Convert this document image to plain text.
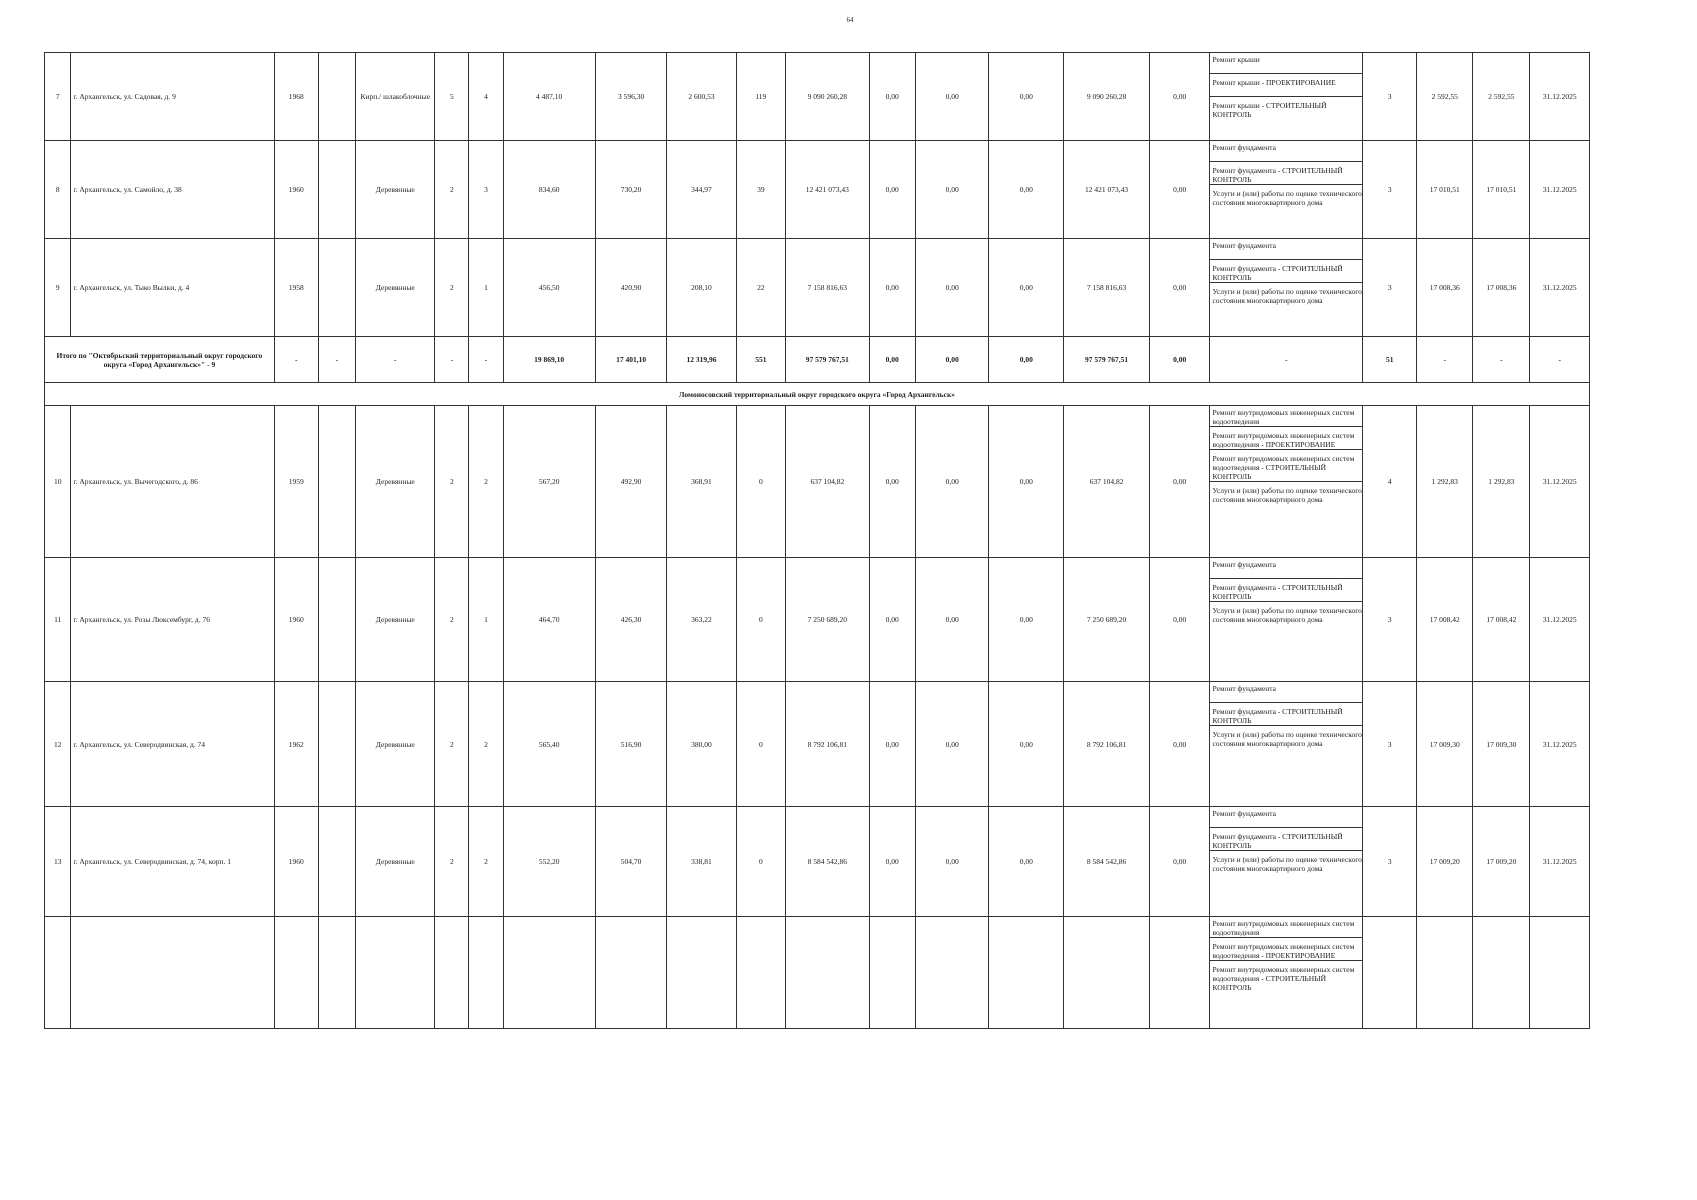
64
7	г. Архангельск, ул. Садовая, д. 9	1968		Кирп./ шлакоблочные	5	4	4 487,10	3 596,30	2 600,53	119	9 090 260,28	0,00	0,00	0,00	9 090 260,28	0,00	Ремонт крыши
Ремонт крыши - ПРОЕКТИРОВАНИЕ
Ремонт крыши - СТРОИТЕЛЬНЫЙ КОНТРОЛЬ	3	2 592,55	2 592,55	31.12.2025
8	г. Архангельск, ул. Самойло, д. 38	1960		Деревянные	2	3	834,60	730,20	344,97	39	12 421 073,43	0,00	0,00	0,00	12 421 073,43	0,00	Ремонт фундамента
Ремонт фундамента - СТРОИТЕЛЬНЫЙ КОНТРОЛЬ
Услуги и (или) работы по оценке технического состояния многоквартирного дома	3	17 010,51	17 010,51	31.12.2025
9	г. Архангельск, ул. Тыко Вылки, д. 4	1958		Деревянные	2	1	456,50	420,90	208,10	22	7 158 816,63	0,00	0,00	0,00	7 158 816,63	0,00	Ремонт фундамента
Ремонт фундамента - СТРОИТЕЛЬНЫЙ КОНТРОЛЬ
Услуги и (или) работы по оценке технического состояния многоквартирного дома	3	17 008,36	17 008,36	31.12.2025
Итого по "Октябрьский территориальный округ городского округа «Город Архангельск»" - 9		-	-	-	-	-	19 869,10	17 401,10	12 319,96	551	97 579 767,51	0,00	0,00	0,00	97 579 767,51	0,00	-	51	-	-	-
Ломоносовский территориальный округ городского округа «Город Архангельск»																					
10	г. Архангельск, ул. Вычегодского, д. 86	1959		Деревянные	2	2	567,20	492,90	368,91	0	637 104,82	0,00	0,00	0,00	637 104,82	0,00	Ремонт внутридомовых инженерных систем водоотведения
Ремонт внутридомовых инженерных систем водоотведения - ПРОЕКТИРОВАНИЕ
Ремонт внутридомовых инженерных систем водоотведения - СТРОИТЕЛЬНЫЙ КОНТРОЛЬ
Услуги и (или) работы по оценке технического состояния многоквартирного дома	4	1 292,83	1 292,83	31.12.2025
11	г. Архангельск, ул. Розы Люксембург, д. 76	1960		Деревянные	2	1	464,70	426,30	363,22	0	7 250 689,20	0,00	0,00	0,00	7 250 689,20	0,00	Ремонт фундамента
Ремонт фундамента - СТРОИТЕЛЬНЫЙ КОНТРОЛЬ
Услуги и (или) работы по оценке технического состояния многоквартирного дома	3	17 008,42	17 008,42	31.12.2025
12	г. Архангельск, ул. Северодвинская, д. 74	1962		Деревянные	2	2	565,40	516,90	380,00	0	8 792 106,81	0,00	0,00	0,00	8 792 106,81	0,00	Ремонт фундамента
Ремонт фундамента - СТРОИТЕЛЬНЫЙ КОНТРОЛЬ
Услуги и (или) работы по оценке технического состояния многоквартирного дома	3	17 009,30	17 009,30	31.12.2025
13	г. Архангельск, ул. Северодвинская, д. 74, корп. 1	1960		Деревянные	2	2	552,20	504,70	338,81	0	8 584 542,86	0,00	0,00	0,00	8 584 542,86	0,00	Ремонт фундамента
Ремонт фундамента - СТРОИТЕЛЬНЫЙ КОНТРОЛЬ
Услуги и (или) работы по оценке технического состояния многоквартирного дома	3	17 009,20	17 009,20	31.12.2025

																	Ремонт внутридомовых инженерных систем водоотведения
Ремонт внутридомовых инженерных систем водоотведения - ПРОЕКТИРОВАНИЕ
Ремонт внутридомовых инженерных систем водоотведения - СТРОИТЕЛЬНЫЙ КОНТРОЛЬ				
